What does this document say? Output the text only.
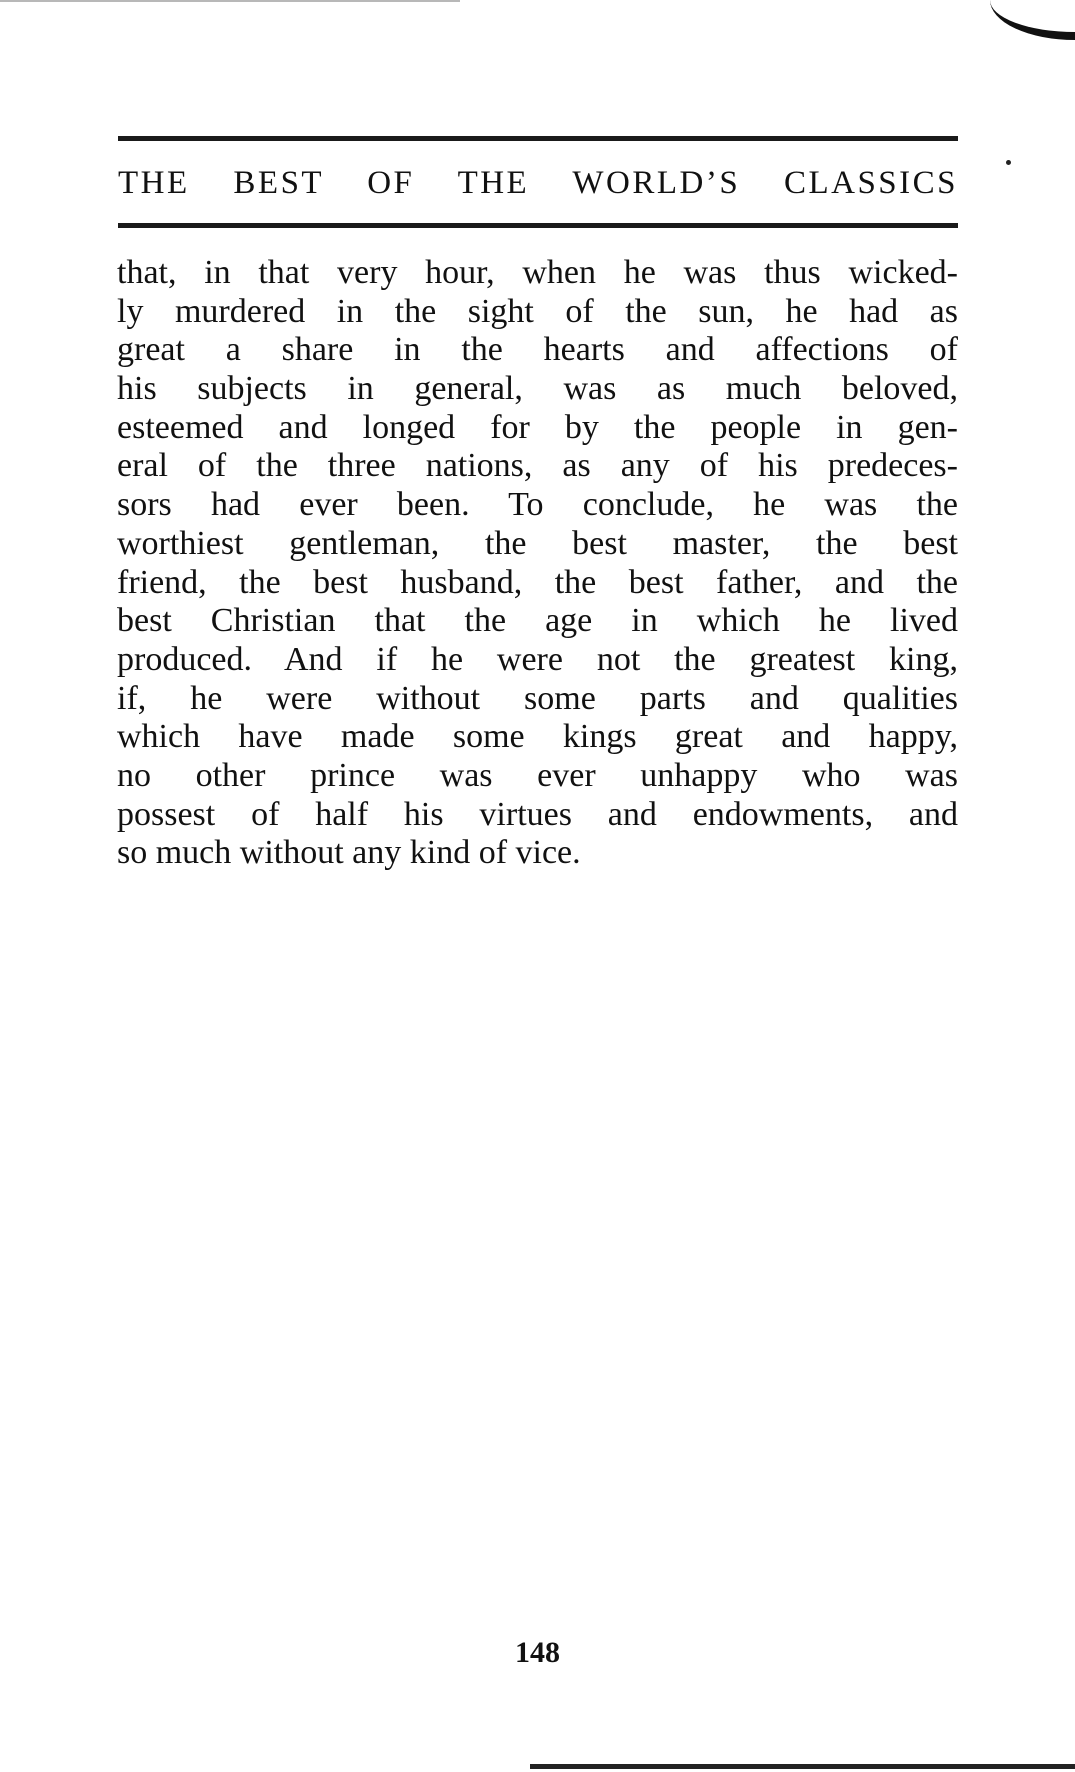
THE BEST OF THE WORLD’S CLASSICS
that, in that very hour, when he was thus wicked-
ly murdered in the sight of the sun, he had as
great a share in the hearts and affections of
his subjects in general, was as much beloved,
esteemed and longed for by the people in gen-
eral of the three nations, as any of his predeces-
sors had ever been. To conclude, he was the
worthiest gentleman, the best master, the best
friend, the best husband, the best father, and the
best Christian that the age in which he lived
produced. And if he were not the greatest king,
if, he were without some parts and qualities
which have made some kings great and happy,
no other prince was ever unhappy who was
possest of half his virtues and endowments, and
so much without any kind of vice.
148
